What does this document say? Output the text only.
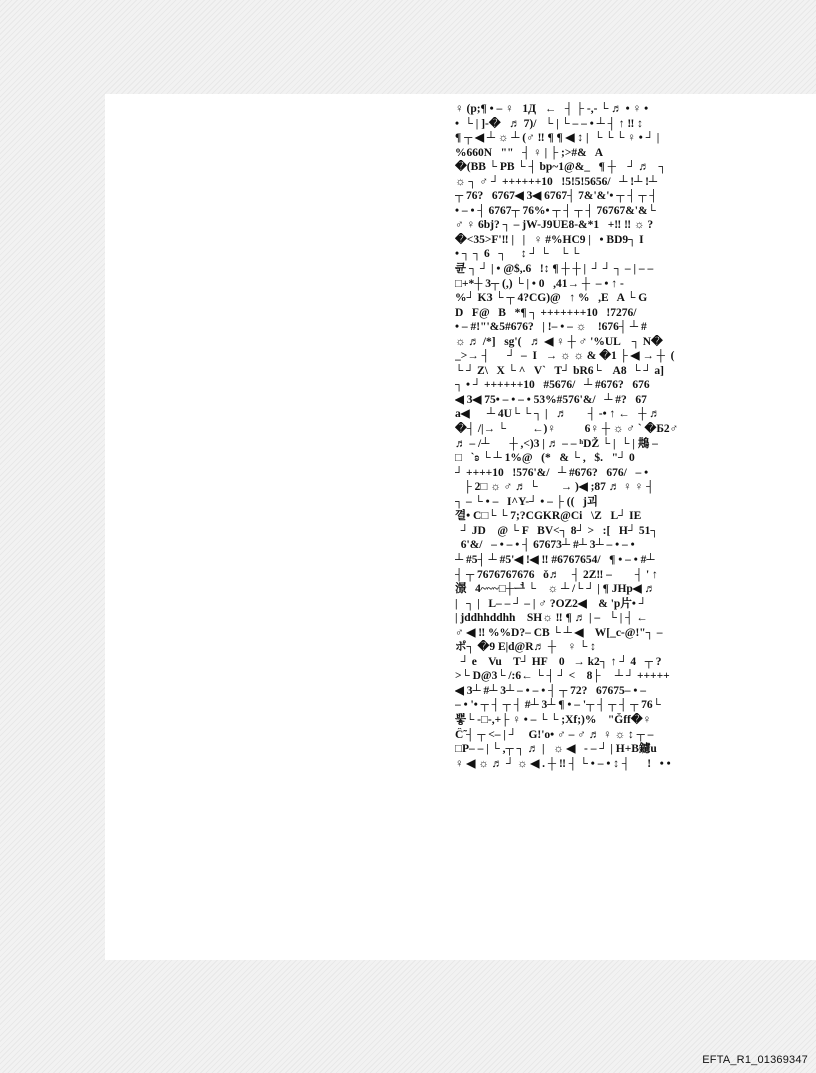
♀ (p;¶ • – ♀   1Д   ←   ┤ ├ -,- └ ♬ • ♀ •
•  └ | ]-�   ♬ 7)/   └ | └ – – • ┴ ┤ ↑ ‼ ↕
¶ ┬ ◀ ┴ ☼ ┴ (♂ ‼ ¶ ¶ ◀ ↕ |  └ └ └ ♀ • ┘ |
%660N   ""   ┤ ♀ | ├ ;>#&   A
�(BB └ PB └ ┤ bp~1@&_   ¶ ┼    ┘ ♬   ┐
☼ ┐ ♂ ┘ ++++++10   !5!5!5656/   ┴ !┴ !┴
┬ 76?   6767◀ 3◀ 6767┤ 7&'&'• ┬ ┤ ┬ ┤
• – • ┤ 6767┬ 76%• ┬ ┤ ┬ ┤ 76767&'&└
♂ ♀ 6bj? ┐ – jW-J9UE8-&*1   +‼ ‼ ☼ ?
�<35>F'‼ |   |   ♀ #%HC9 |   • BD9┐ I
• ┐ ┐ 6   ┐     ↕ ┘ └    └ └
큔 ┐ ┘ | • @$,.6   !↕ ¶ ┼ ┼ |  ┘ ┘ ┐ – | – –
□+*┼ 3┬ (,) └ | • 0   ,41→ ┼  – • ↑ -
%┘ KЗ └ ┬ 4?CG)@   ↑ %   ,E   A └ G
D   F@   B   *¶ ┐ +++++++10   !7276/
• – #!"'&5#676?   | !– • – ☼    !676┤ ┴ #
☼ ♬ /*]   sg'(   ♬ ◀ ♀ ┼ ♂ '%UL    ┐ N�
_>→ ┤      ┘  –  I   → ☼ ☼ & �1 ├ ◀ → ┼  (
└ ┘ Z\   X └ ^   V`   T┘ bR6└    A8  └ ┘ a]
┐ • ┘ ++++++10   #5676/   ┴ #676?   676
◀ 3◀ 75• – • – • 53%#576'&/   ┴ #?   67
a◀      ┴ 4U└ └ ┐ |   ♬       ┤ -• ↑ ←   ┼ ♬
�┤ /|→ └         ←)♀          6♀ ┼ ☼ ♂ ` �Б2♂
♬ – /┴       ┼ ,<)3 | ♬ – – ʰDŽ └ |  └ | 䳍 –
□   `ʚ └ ┴ 1%@   (*   & └ ,   $.   "┘ 0
┘ ++++10   !576'&/   ┴ #676?   676/   – •
├ 2□ ☼ ♂ ♬ └        → )◀ ;87 ♬ ♀ ♀ ┤
┐ – └ • –   I^Y-┘ • – ├ ((   j괴
껼• C□└ └ 7;?CGKR@Ci   \Z   L┘ IE
┘ JD    @ └ F   BV<┐ 8┘ >   :[   H┘ 51┐
6'&/   – • – • ┤ 67673┴ #┴ 3┴ – • – •
┴ #5┤ ┴ #5'◀ !◀ ‼ #6767654/   ¶ • – • #┴
┤ ┬ 7676767676   ǒ♬    ┤ 2Z‼ –        ┤ ' ↑
澋   4~~~□┼ᅼ └    ☼ ┴ /└ ┘ | ¶ JHp◀ ♬
|   ┐ |   L– – ┘ – | ♂ ?OZ2◀    & 'p片• ┘
| jddhhddhh    SH☼ ‼ ¶ ♬ | –   └ | ┤ ←
♂ ◀ ‼ %%D?– CB └ ┴ ◀    W[_c-@!"┐ –
ポ┐ �9 E|d@R♬ ┼    ♀ └ ↕
┘ e    Vu    T┘ HF    0   → k2┐ ↑ ┘ 4   ┬ ?
>└ D@3└ /:6← └ ┤ ┘ <    8├     ┴ ┘ +++++
◀ 3┴ #┴ 3┴ – • – • ┤ ┬ 72?   67675– • –
– • '• ┬ ┤ ┬ ┤ #┴ 3┴ ¶ • – '┬ ┤ ┬ ┤ ┬ 76└
뿧└ -□-,+├ ♀ • – └ └ ;Xf;)%    "Ğff�♀
Ĉ̃ ┤ ┬ <– | ┘    G!'o• ♂ – ♂ ♬ ♀ ☼ ↕ ┬ –
□P– – | └ ,┬ ┐ ♬ |   ☼ ◀   - – ┘ | H+B鑢u
♀ ◀ ☼ ♬ ┘ ☼ ◀ . ┼ ‼ ┤ └ • – • ↕ ┤      !   • •
EFTA_R1_01369347
